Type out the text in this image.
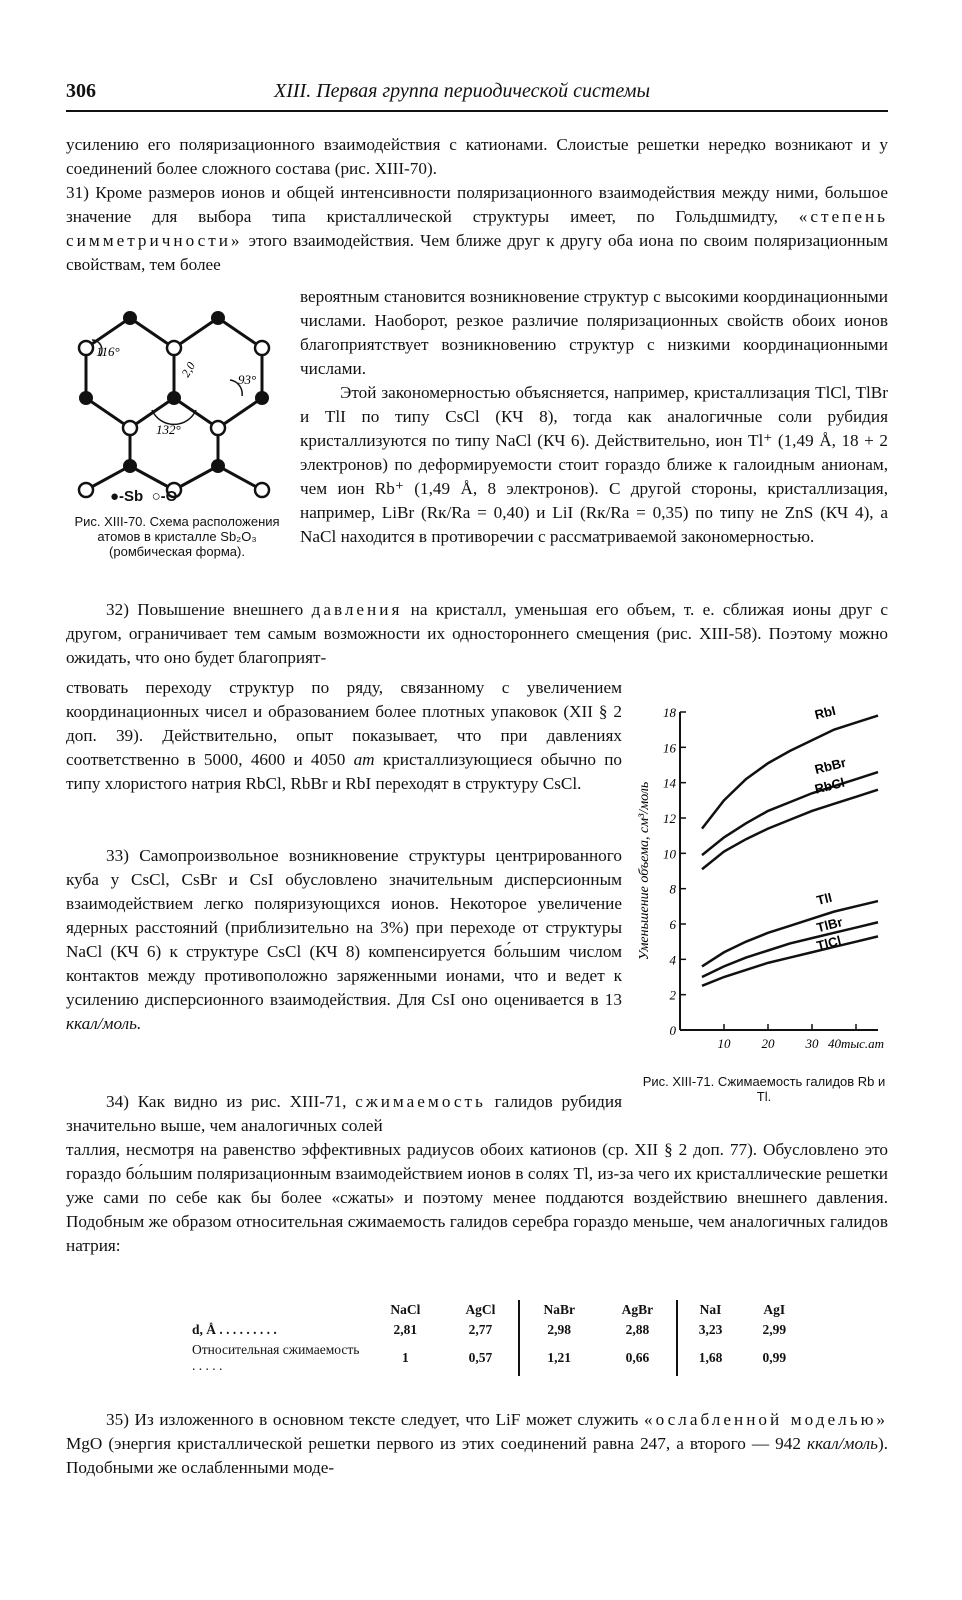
306	XIII. Первая группа периодической системы

усилению его поляризационного взаимодействия с катионами. Слоистые решетки нередко возникают и у соединений более сложного состава (рис. XIII-70).

31) Кроме размеров ионов и общей интенсивности поляризационного взаимодействия между ними, большое значение для выбора типа кристаллической структуры имеет, по Гольдшмидту, «степень симметричности» этого взаимодействия. Чем ближе друг к другу оба иона по своим поляризационным свойствам, тем более

116°
93°
2,0
132°
●-Sb ○-O

Рис. XIII-70. Схема расположения атомов в кристалле Sb₂O₃ (ромбическая форма).

вероятным становится возникновение структур с высокими координационными числами. Наоборот, резкое различие поляризационных свойств обоих ионов благоприятствует возникновению структур с низкими координационными числами.

Этой закономерностью объясняется, например, кристаллизация TlCl, TlBr и TlI по типу CsCl (КЧ 8), тогда как аналогичные соли рубидия кристаллизуются по типу NaCl (КЧ 6). Действительно, ион Tl⁺ (1,49 Å, 18 + 2 электронов) по деформируемости стоит гораздо ближе к галоидным анионам, чем ион Rb⁺ (1,49 Å, 8 электронов). С другой стороны, кристаллизация, например, LiBr (Rк/Rа = 0,40) и LiI (Rк/Rа = 0,35) по типу не ZnS (КЧ 4), а NaCl находится в противоречии с рассматриваемой закономерностью.

32) Повышение внешнего давления на кристалл, уменьшая его объем, т. е. сближая ионы друг с другом, ограничивает тем самым возможности их одностороннего смещения (рис. XIII-58). Поэтому можно ожидать, что оно будет благоприят-

ствовать переходу структур по ряду, связанному с увеличением координационных чисел и образованием более плотных упаковок (XII § 2 доп. 39). Действительно, опыт показывает, что при давлениях соответственно в 5000, 4600 и 4050 ат кристаллизующиеся обычно по типу хлористого натрия RbCl, RbBr и RbI переходят в структуру CsCl.

33) Самопроизвольное возникновение структуры центрированного куба у CsCl, CsBr и CsI обусловлено значительным дисперсионным взаимодействием легко поляризующихся ионов. Некоторое увеличение ядерных расстояний (приблизительно на 3%) при переходе от структуры NaCl (КЧ 6) к структуре CsCl (КЧ 8) компенсируется бо́льшим числом контактов между противоположно заряженными ионами, что и ведет к усилению дисперсионного взаимодействия. Для CsI оно оценивается в 13 ккал/моль.

34) Как видно из рис. XIII-71, сжимаемость галидов рубидия значительно выше, чем аналогичных солей

Уменьшение объема, см³/моль
0
2
4
6
8
10
12
14
16
18
10 20 30 40тыс.ат
RbI
RbBr
RbCl
TlI
TlBr
TlCl

Рис. XIII-71. Сжимаемость галидов Rb и Tl.

таллия, несмотря на равенство эффективных радиусов обоих катионов (ср. XII § 2 доп. 77). Обусловлено это гораздо бо́льшим поляризационным взаимодействием ионов в солях Tl, из-за чего их кристаллические решетки уже сами по себе как бы более «сжаты» и поэтому менее поддаются воздействию внешнего давления. Подобным же образом относительная сжимаемость галидов серебра гораздо меньше, чем аналогичных галидов натрия:

	NaCl	AgCl	NaBr	AgBr	NaI	AgI
d, Å . . . . . . . . .	2,81	2,77	2,98	2,88	3,23	2,99
Относительная сжимаемость . . . . .	1	0,57	1,21	0,66	1,68	0,99

35) Из изложенного в основном тексте следует, что LiF может служить «ослабленной моделью» MgO (энергия кристаллической решетки первого из этих соединений равна 247, а второго — 942 ккал/моль). Подобными же ослабленными моде-
